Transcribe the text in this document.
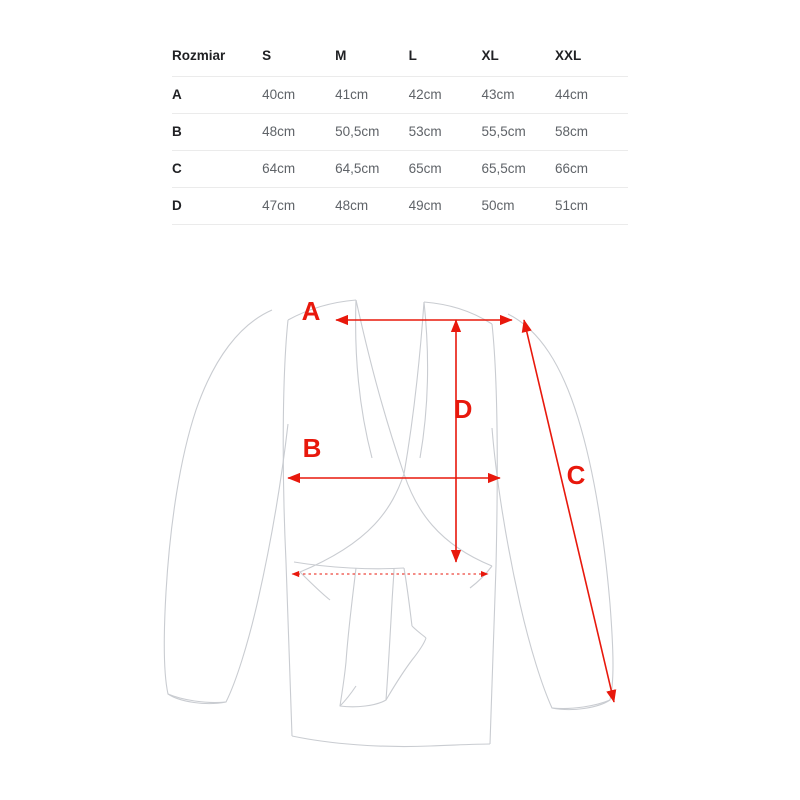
Rozmiar	S	M	L	XL	XXL
A	40cm	41cm	42cm	43cm	44cm
B	48cm	50,5cm	53cm	55,5cm	58cm
C	64cm	64,5cm	65cm	65,5cm	66cm
D	47cm	48cm	49cm	50cm	51cm
A
B
C
D
